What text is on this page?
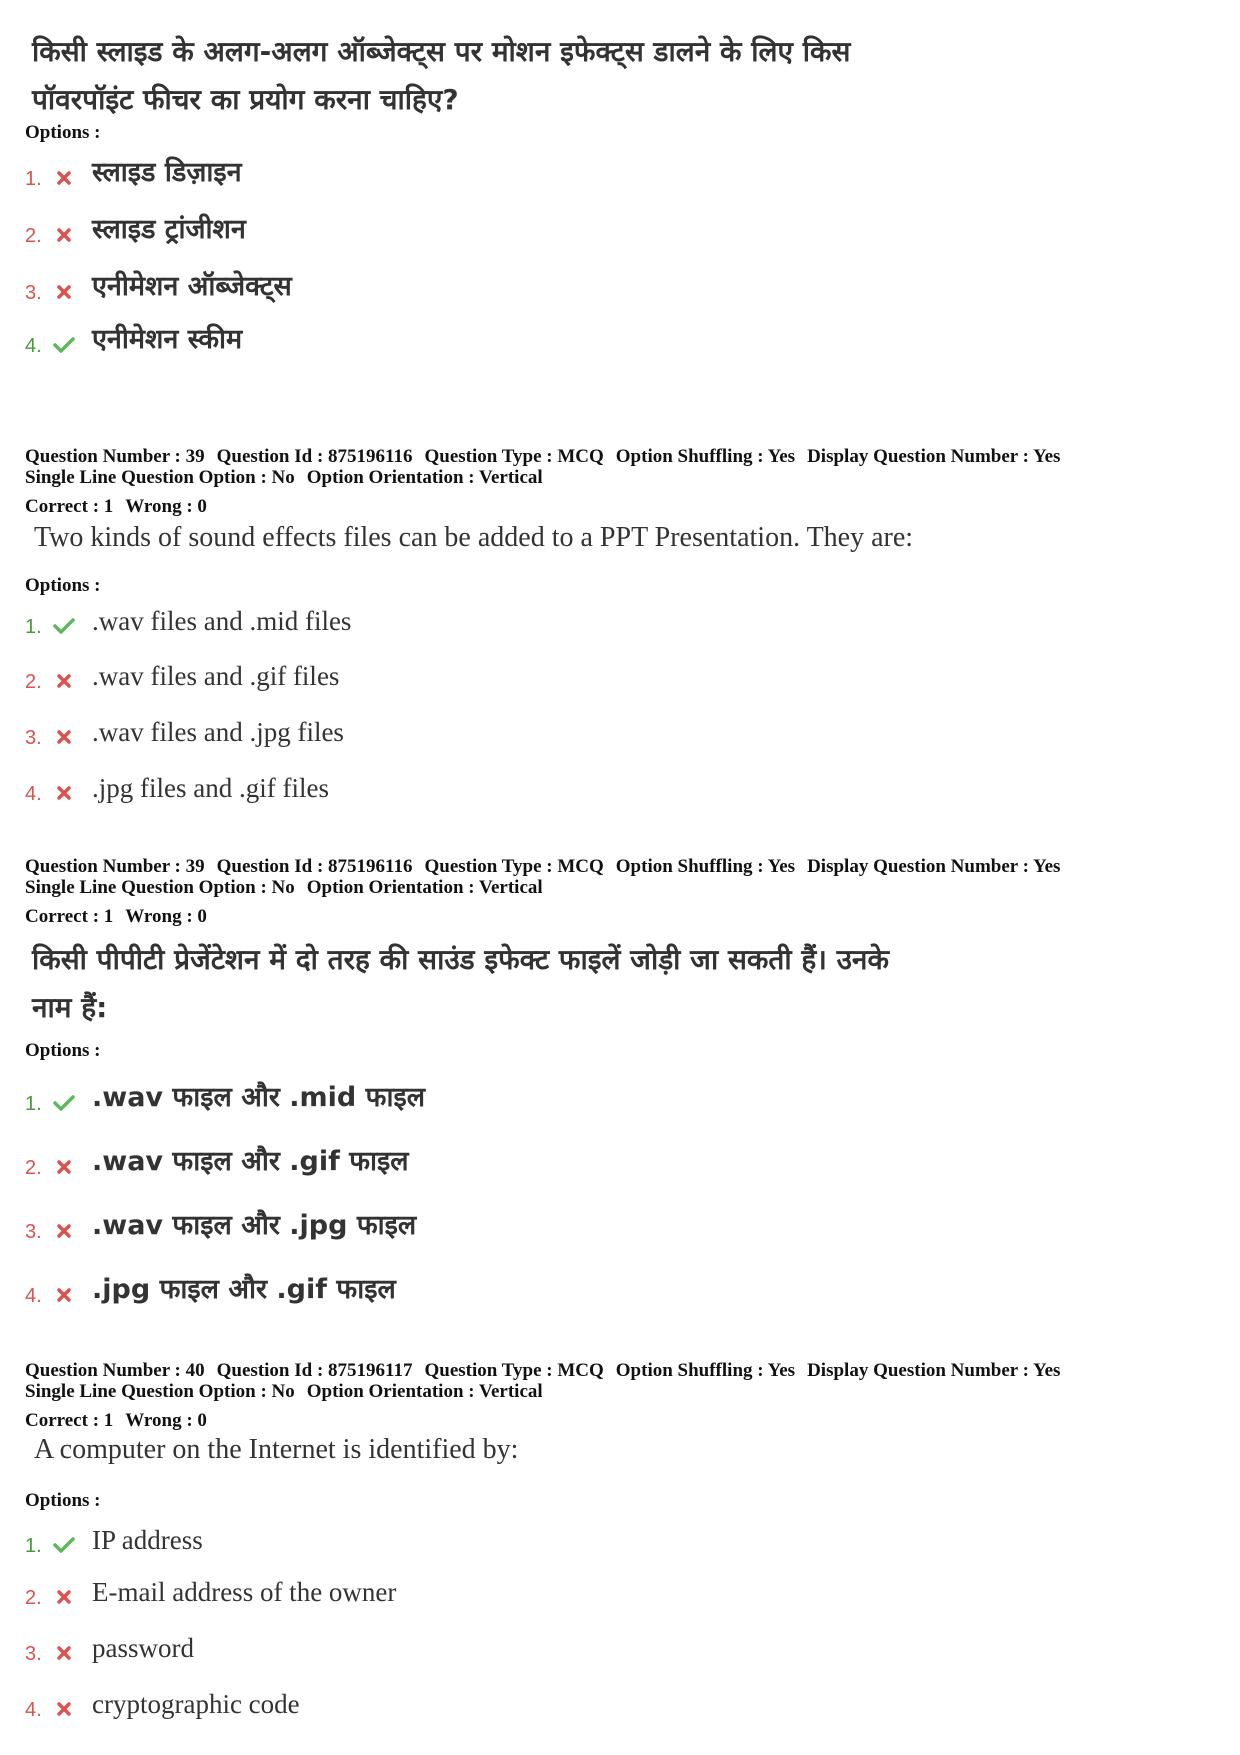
किसी स्लाइड के अलग-अलग ऑब्जेक्ट्स पर मोशन इफेक्ट्स डालने के लिए किस
पॉवरपॉइंट फीचर का प्रयोग करना चाहिए?
Options :
1. स्लाइड डिज़ाइन
2. स्लाइड ट्रांजीशन
3. एनीमेशन ऑब्जेक्ट्स
4. एनीमेशन स्कीम
Question Number : 39 Question Id : 875196116 Question Type : MCQ Option Shuffling : Yes Display Question Number : Yes
Single Line Question Option : No Option Orientation : Vertical
Correct : 1 Wrong : 0
Two kinds of sound effects files can be added to a PPT Presentation. They are:
Options :
1. .wav files and .mid files
2. .wav files and .gif files
3. .wav files and .jpg files
4. .jpg files and .gif files
Question Number : 39 Question Id : 875196116 Question Type : MCQ Option Shuffling : Yes Display Question Number : Yes
Single Line Question Option : No Option Orientation : Vertical
Correct : 1 Wrong : 0
किसी पीपीटी प्रेजेंटेशन में दो तरह की साउंड इफेक्ट फाइलें जोड़ी जा सकती हैं। उनके
नाम हैं:
Options :
1. .wav फाइल और .mid फाइल
2. .wav फाइल और .gif फाइल
3. .wav फाइल और .jpg फाइल
4. .jpg फाइल और .gif फाइल
Question Number : 40 Question Id : 875196117 Question Type : MCQ Option Shuffling : Yes Display Question Number : Yes
Single Line Question Option : No Option Orientation : Vertical
Correct : 1 Wrong : 0
A computer on the Internet is identified by:
Options :
1. IP address
2. E-mail address of the owner
3. password
4. cryptographic code
